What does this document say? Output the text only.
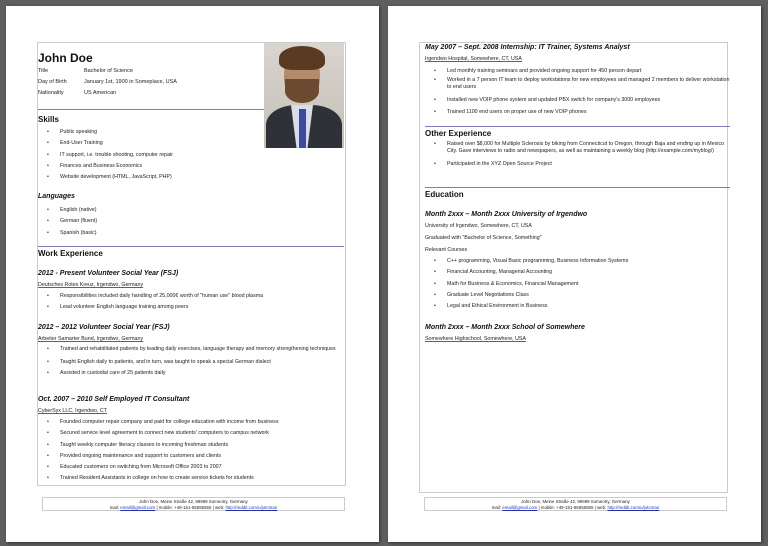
John Doe
Title	Bachelor of Science
Day of Birth	January 1st, 1900 in Someplace, USA
Nationality	US American
Skills
• Public speaking
• End-User Training
• IT support, i.e. trouble shooting, computer repair
• Finances and Business Economics
• Website development (HTML, JavaScript, PHP)
Languages
• English (native)
• German (fluent)
• Spanish (basic)
Work Experience
2012 - Present Volunteer Social Year (FSJ)
Deutsches Rotes Kreuz, Irgendwo, Germany
• Responsibilities included daily handling of 25,000€ worth of "human use" blood plasma
• Lead volunteer English language training among peers
2012 – 2012 Volunteer Social Year (FSJ)
Arbeiter Samarter Bund, Irgendwo, Germany
• Trained and rehabilitated patients by leading daily exercises, language therapy and memory strengthening techniques
• Taught English daily to patients, and in turn, was taught to speak a special German dialect
• Assisted in custodial care of 25 patients daily
Oct. 2007 – 2010 Self Employed IT Consultant
CyberSyx LLC, Irgendwo, CT
• Founded computer repair company and paid for college education with income from business
• Secured service level agreement to connect new students' computers to campus network
• Taught weekly computer literacy classes to incoming freshman students
• Provided ongoing maintenance and support to customers and clients
• Educated customers on switching from Microsoft Office 2003 to 2007
• Trained Resident Assistants in college on how to create service tickets for students
John Doe, Meine Straße 42, 99999 Someotry, Germany
mail: email@gmail.com | mobile: +49-151-55555555 | web: http://reddit.com/u/jotcman
May 2007 – Sept. 2008 Internship: IT Trainer, Systems Analyst
Irgendwo Hospital, Somewhere, CT, USA
• Led monthly training seminars and provided ongoing support for 450 person depart
• Worked in a 7 person IT team to deploy workstations for new employees and managed 2 members to deliver workstation to end users
• Installed new VOIP phone system and updated PBX switch for company's 3000 employees
• Trained 1100 end users on proper use of new VOIP phones
Other Experience
• Raised over $8,000 for Multiple Sclerosis by biking from Connecticut to Oregon, through Baja and ending up in Mexico City. Gave interviews to radio and newspapers, as well as maintaining a weekly blog (http://example.com/myblog/)
• Participated in the XYZ Open Source Project
Education
Month 2xxx – Month 2xxx University of Irgendwo
University of Irgendwo, Somewhere, CT, USA
Graduated with "Bachelor of Science, Something"
Relevant Courses
• C++ programming, Visual Basic programming, Business Information Systems
• Financial Accounting, Managerial Accounting
• Math for Business & Economics, Financial Management
• Graduate Level Negotiations Class
• Legal and Ethical Environment in Business
Month 2xxx – Month 2xxx School of Somewhere
Somewhere Highschool, Somewhere, USA
John Doe, Meine Straße 42, 99999 Someotry, Germany
mail: email@gmail.com | mobile: +49-151-55555555 | web: http://reddit.com/u/jotcman
